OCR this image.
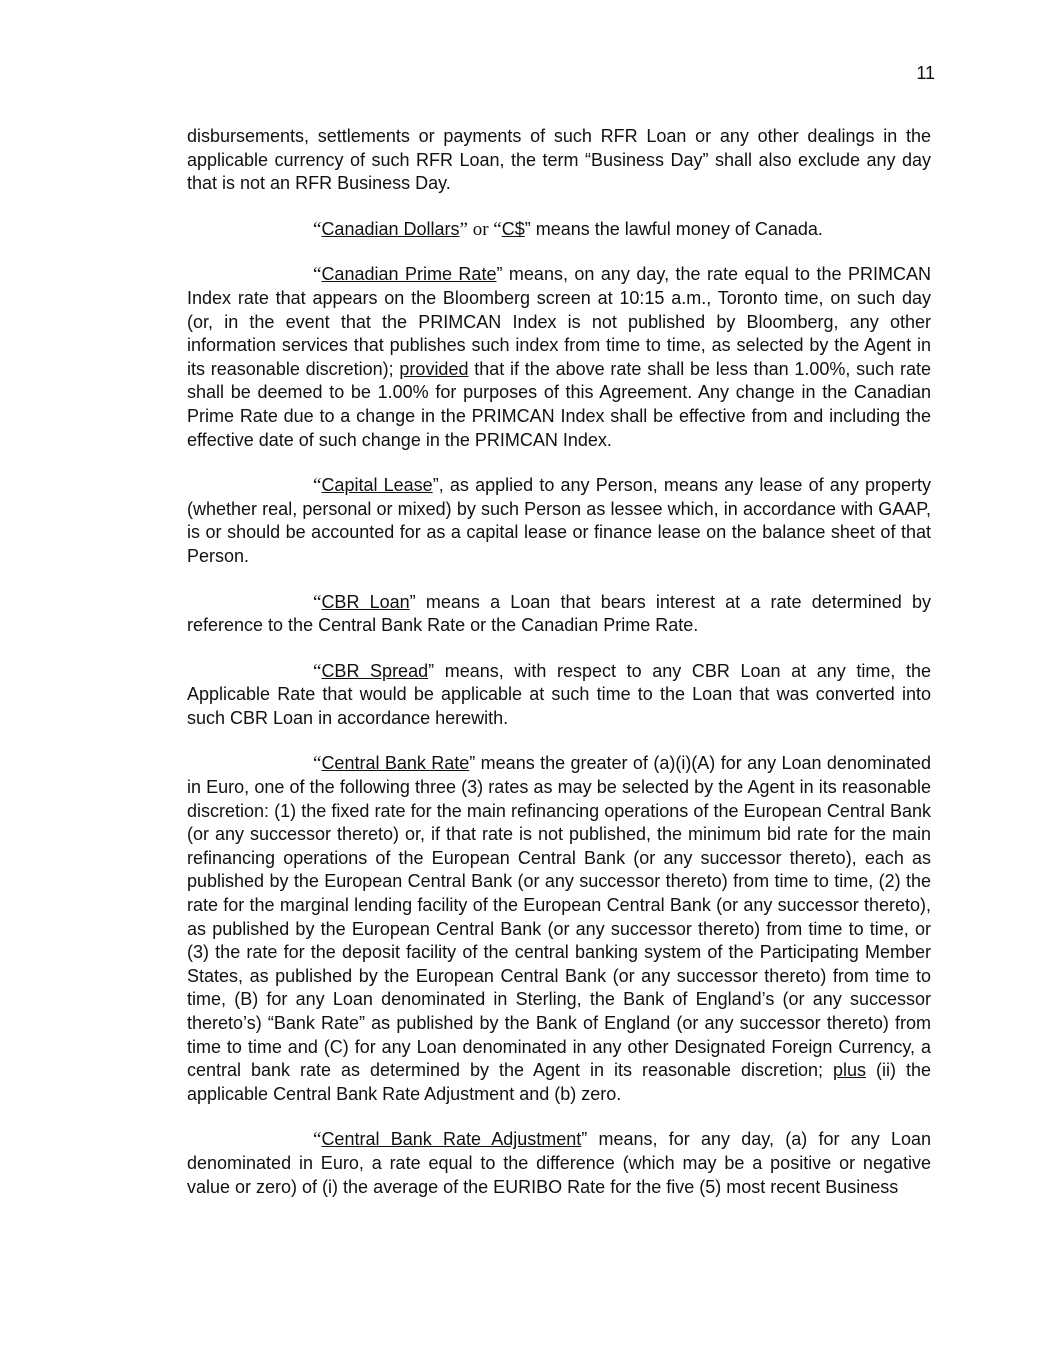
11

disbursements, settlements or payments of such RFR Loan or any other dealings in the applicable currency of such RFR Loan, the term “Business Day” shall also exclude any day that is not an RFR Business Day.

“Canadian Dollars” or “C$” means the lawful money of Canada.

“Canadian Prime Rate” means, on any day, the rate equal to the PRIMCAN Index rate that appears on the Bloomberg screen at 10:15 a.m., Toronto time, on such day (or, in the event that the PRIMCAN Index is not published by Bloomberg, any other information services that publishes such index from time to time, as selected by the Agent in its reasonable discretion); provided that if the above rate shall be less than 1.00%, such rate shall be deemed to be 1.00% for purposes of this Agreement. Any change in the Canadian Prime Rate due to a change in the PRIMCAN Index shall be effective from and including the effective date of such change in the PRIMCAN Index.

“Capital Lease”, as applied to any Person, means any lease of any property (whether real, personal or mixed) by such Person as lessee which, in accordance with GAAP, is or should be accounted for as a capital lease or finance lease on the balance sheet of that Person.

“CBR Loan” means a Loan that bears interest at a rate determined by reference to the Central Bank Rate or the Canadian Prime Rate.

“CBR Spread” means, with respect to any CBR Loan at any time, the Applicable Rate that would be applicable at such time to the Loan that was converted into such CBR Loan in accordance herewith.

“Central Bank Rate” means the greater of (a)(i)(A) for any Loan denominated in Euro, one of the following three (3) rates as may be selected by the Agent in its reasonable discretion: (1) the fixed rate for the main refinancing operations of the European Central Bank (or any successor thereto) or, if that rate is not published, the minimum bid rate for the main refinancing operations of the European Central Bank (or any successor thereto), each as published by the European Central Bank (or any successor thereto) from time to time, (2) the rate for the marginal lending facility of the European Central Bank (or any successor thereto), as published by the European Central Bank (or any successor thereto) from time to time, or (3) the rate for the deposit facility of the central banking system of the Participating Member States, as published by the European Central Bank (or any successor thereto) from time to time, (B) for any Loan denominated in Sterling, the Bank of England’s (or any successor thereto’s) “Bank Rate” as published by the Bank of England (or any successor thereto) from time to time and (C) for any Loan denominated in any other Designated Foreign Currency, a central bank rate as determined by the Agent in its reasonable discretion; plus (ii) the applicable Central Bank Rate Adjustment and (b) zero.

“Central Bank Rate Adjustment” means, for any day, (a) for any Loan denominated in Euro, a rate equal to the difference (which may be a positive or negative value or zero) of (i) the average of the EURIBO Rate for the five (5) most recent Business
